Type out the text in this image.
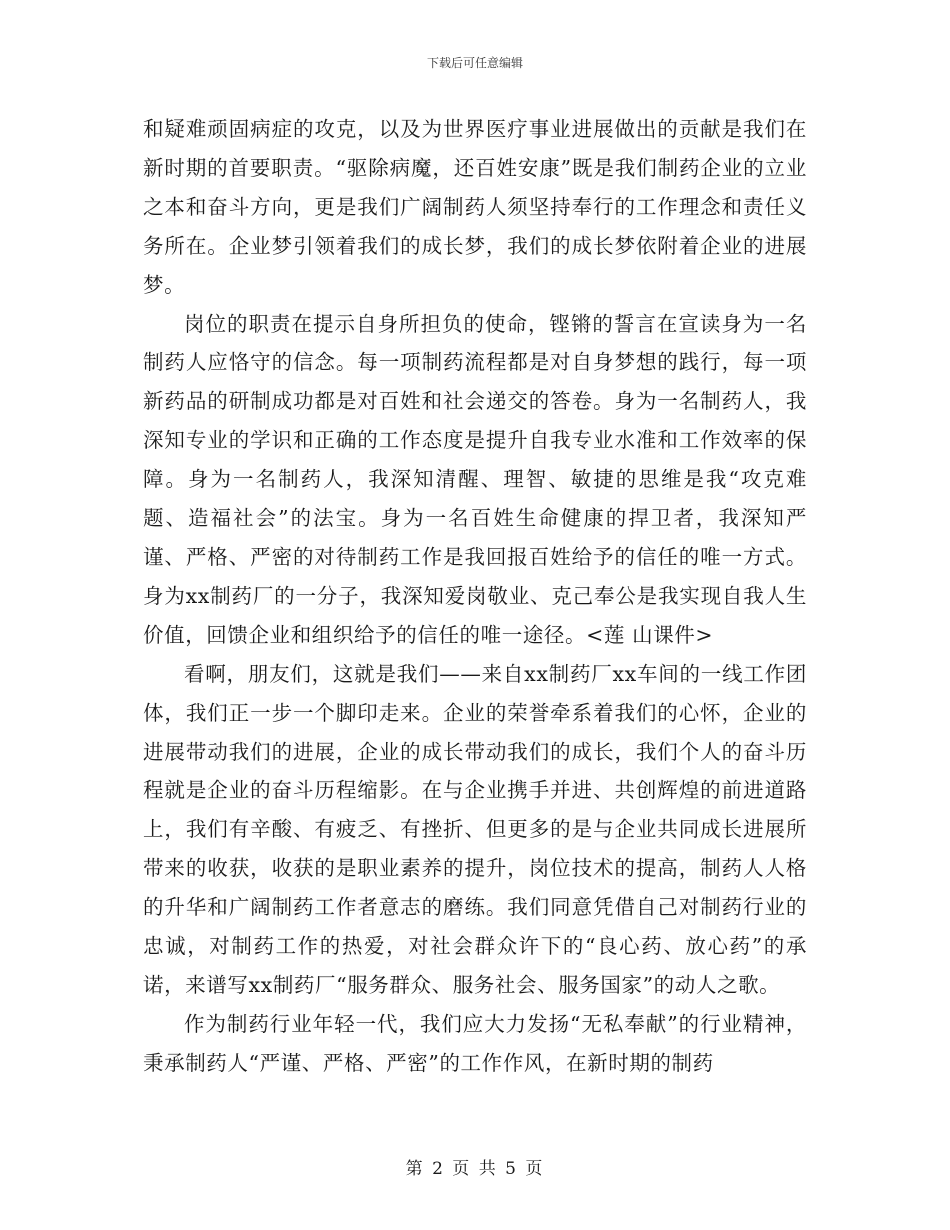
下载后可任意编辑

和疑难顽固病症的攻克，以及为世界医疗事业进展做出的贡献是我们在新时期的首要职责。“驱除病魔，还百姓安康”既是我们制药企业的立业之本和奋斗方向，更是我们广阔制药人须坚持奉行的工作理念和责任义务所在。企业梦引领着我们的成长梦，我们的成长梦依附着企业的进展梦。

岗位的职责在提示自身所担负的使命，铿锵的誓言在宣读身为一名制药人应恪守的信念。每一项制药流程都是对自身梦想的践行，每一项新药品的研制成功都是对百姓和社会递交的答卷。身为一名制药人，我深知专业的学识和正确的工作态度是提升自我专业水准和工作效率的保障。身为一名制药人，我深知清醒、理智、敏捷的思维是我“攻克难题、造福社会”的法宝。身为一名百姓生命健康的捍卫者，我深知严谨、严格、严密的对待制药工作是我回报百姓给予的信任的唯一方式。身为xx制药厂的一分子，我深知爱岗敬业、克己奉公是我实现自我人生价值，回馈企业和组织给予的信任的唯一途径。<莲 山课件>

看啊，朋友们，这就是我们——来自xx制药厂xx车间的一线工作团体，我们正一步一个脚印走来。企业的荣誉牵系着我们的心怀，企业的进展带动我们的进展，企业的成长带动我们的成长，我们个人的奋斗历程就是企业的奋斗历程缩影。在与企业携手并进、共创辉煌的前进道路上，我们有辛酸、有疲乏、有挫折、但更多的是与企业共同成长进展所带来的收获，收获的是职业素养的提升，岗位技术的提高，制药人人格的升华和广阔制药工作者意志的磨练。我们同意凭借自己对制药行业的忠诚，对制药工作的热爱，对社会群众许下的“良心药、放心药”的承诺，来谱写xx制药厂“服务群众、服务社会、服务国家”的动人之歌。

作为制药行业年轻一代，我们应大力发扬“无私奉献”的行业精神，秉承制药人“严谨、严格、严密”的工作作风，在新时期的制药

第 2 页 共 5 页
